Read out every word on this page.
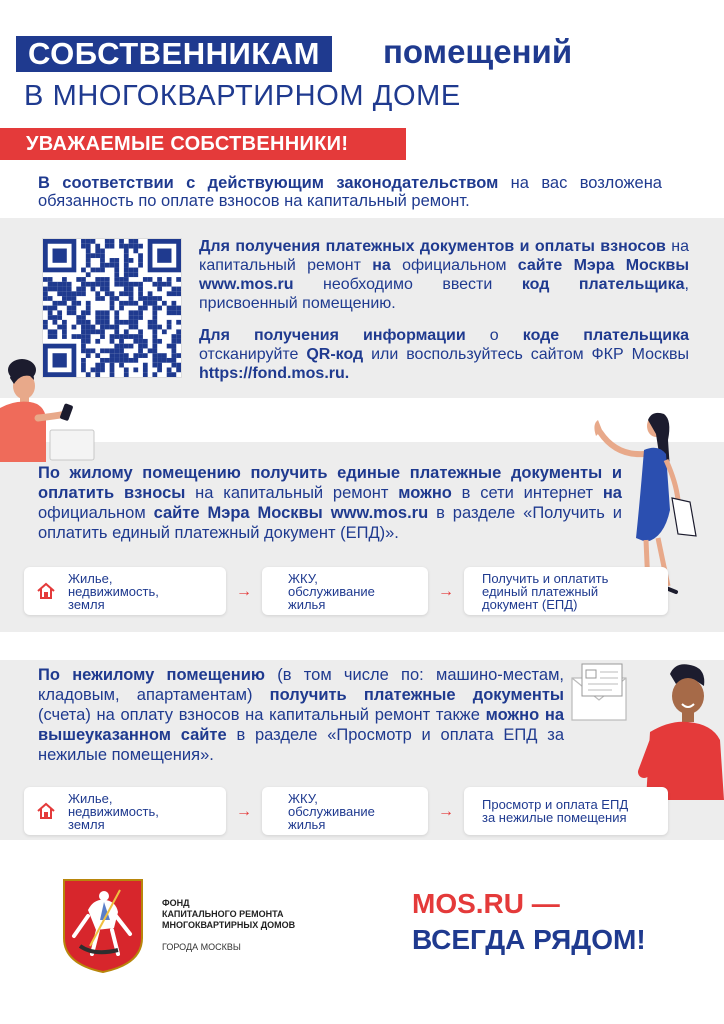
СОБСТВЕННИКАМ	помещений
В МНОГОКВАРТИРНОМ ДОМЕ
УВАЖАЕМЫЕ СОБСТВЕННИКИ!
В соответствии с действующим законодательством на вас возложена обязанность по оплате взносов на капитальный ремонт.
Для получения платежных документов и оплаты взносов на капитальный ремонт на официальном сайте Мэра Москвы www.mos.ru необходимо ввести код плательщика, присвоенный помещению.
Для получения информации о коде плательщика отсканируйте QR-код или воспользуйтесь сайтом ФКР Москвы https://fond.mos.ru.
По жилому помещению получить единые платежные документы и оплатить взносы на капитальный ремонт можно в сети интернет на официальном сайте Мэра Москвы www.mos.ru в разделе «Получить и оплатить единый платежный документ (ЕПД)».
Жилье, недвижимость, земля
→
ЖКУ, обслуживание жилья
→
Получить и оплатить единый платежный документ (ЕПД)
По нежилому помещению (в том числе по: машино-местам, кладовым, апартаментам) получить платежные документы (счета) на оплату взносов на капитальный ремонт также можно на вышеуказанном сайте в разделе «Просмотр и оплата ЕПД за нежилые помещения».
Жилье, недвижимость, земля
→
ЖКУ, обслуживание жилья
→ Просмотр и оплата ЕПД за нежилые помещения
ФОНД
КАПИТАЛЬНОГО РЕМОНТА
МНОГОКВАРТИРНЫХ ДОМОВ
ГОРОДА МОСКВЫ
MOS.RU —
ВСЕГДА РЯДОМ!
